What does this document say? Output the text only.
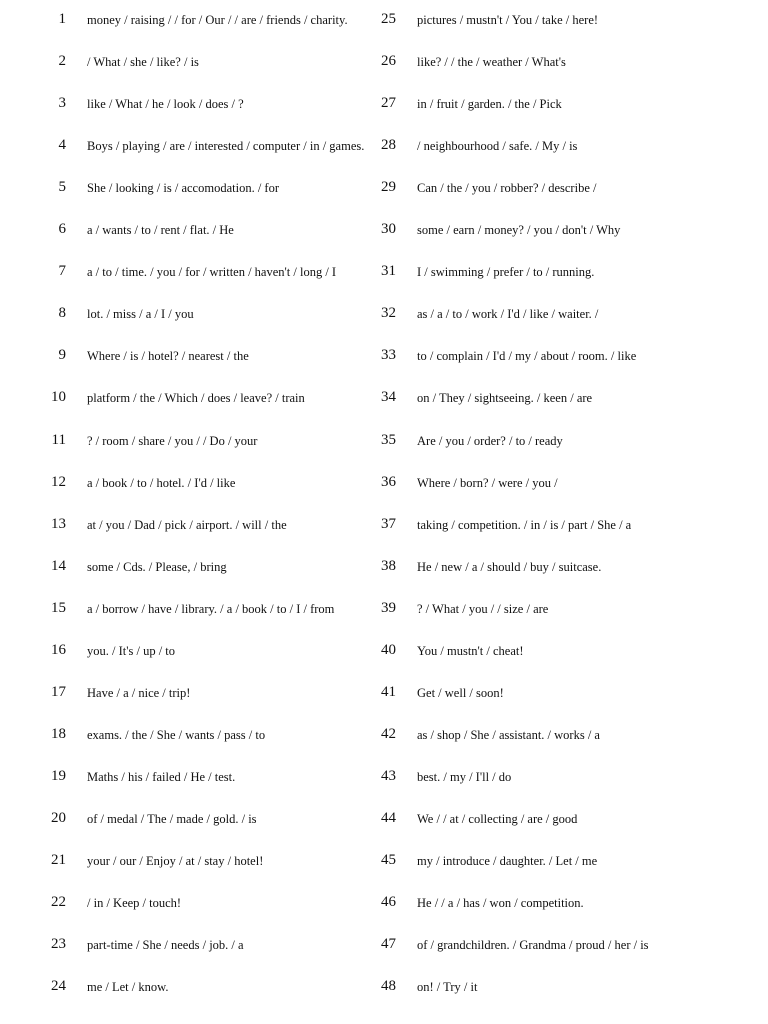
1 money / raising / / for / Our / / are / friends / charity.
2 / What / she / like? / is
3 like / What / he / look / does / ?
4 Boys / playing / are / interested / computer / in / games.
5 She / looking / is / accomodation. / for
6 a / wants / to / rent / flat. / He
7 a / to / time. / you / for / written / haven't / long / I
8 lot. / miss / a / I / you
9 Where / is / hotel? / nearest / the
10 platform / the / Which / does / leave? / train
11 ? / room / share / you / / Do / your
12 a / book / to / hotel. / I'd / like
13 at / you / Dad / pick / airport. / will / the
14 some / Cds. / Please, / bring
15 a / borrow / have / library. / a / book / to / I / from
16 you. / It's / up / to
17 Have / a / nice / trip!
18 exams. / the / She / wants / pass / to
19 Maths / his / failed / He / test.
20 of / medal / The / made / gold. / is
21 your / our / Enjoy / at / stay / hotel!
22 / in / Keep / touch!
23 part-time / She / needs / job. / a
24 me / Let / know.
25 pictures / mustn't / You / take / here!
26 like? / / the / weather / What's
27 in / fruit / garden. / the / Pick
28 / neighbourhood / safe. / My / is
29 Can / the / you / robber? / describe /
30 some / earn / money? / you / don't / Why
31 I / swimming / prefer / to / running.
32 as / a / to / work / I'd / like / waiter. /
33 to / complain / I'd / my / about / room. / like
34 on / They / sightseeing. / keen / are
35 Are / you / order? / to / ready
36 Where / born? / were / you /
37 taking / competition. / in / is / part / She / a
38 He / new / a / should / buy / suitcase.
39 ? / What / you / / size / are
40 You / mustn't / cheat!
41 Get / well / soon!
42 as / shop / She / assistant. / works / a
43 best. / my / I'll / do
44 We / / at / collecting / are / good
45 my / introduce / daughter. / Let / me
46 He / / a / has / won / competition.
47 of / grandchildren. / Grandma / proud / her / is
48 on! / Try / it
